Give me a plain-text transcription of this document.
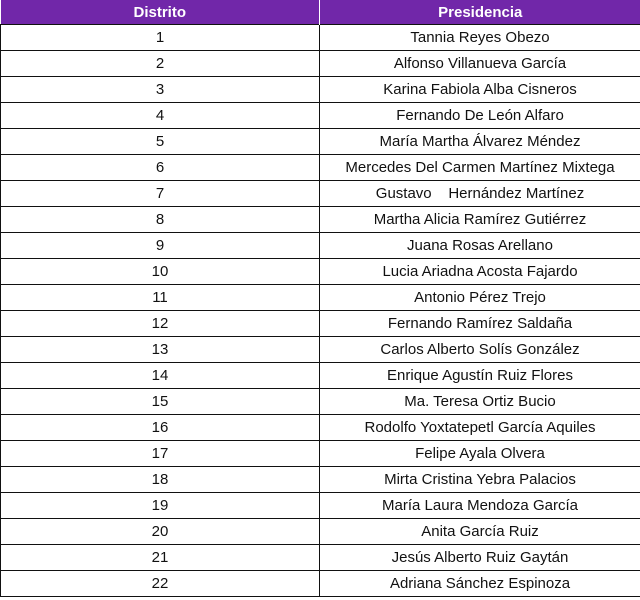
Distrito	Presidencia
1	Tannia Reyes Obezo
2	Alfonso Villanueva García
3	Karina Fabiola Alba Cisneros
4	Fernando De León Alfaro
5	María Martha Álvarez Méndez
6	Mercedes Del Carmen Martínez Mixtega
7	Gustavo    Hernández Martínez
8	Martha Alicia Ramírez Gutiérrez
9	Juana Rosas Arellano
10	Lucia Ariadna Acosta Fajardo
11	Antonio Pérez Trejo
12	Fernando Ramírez Saldaña
13	Carlos Alberto Solís González
14	Enrique Agustín Ruiz Flores
15	Ma. Teresa Ortiz Bucio
16	Rodolfo Yoxtatepetl García Aquiles
17	Felipe Ayala Olvera
18	Mirta Cristina Yebra Palacios
19	María Laura Mendoza García
20	Anita García Ruiz
21	Jesús Alberto Ruiz Gaytán
22	Adriana Sánchez Espinoza
